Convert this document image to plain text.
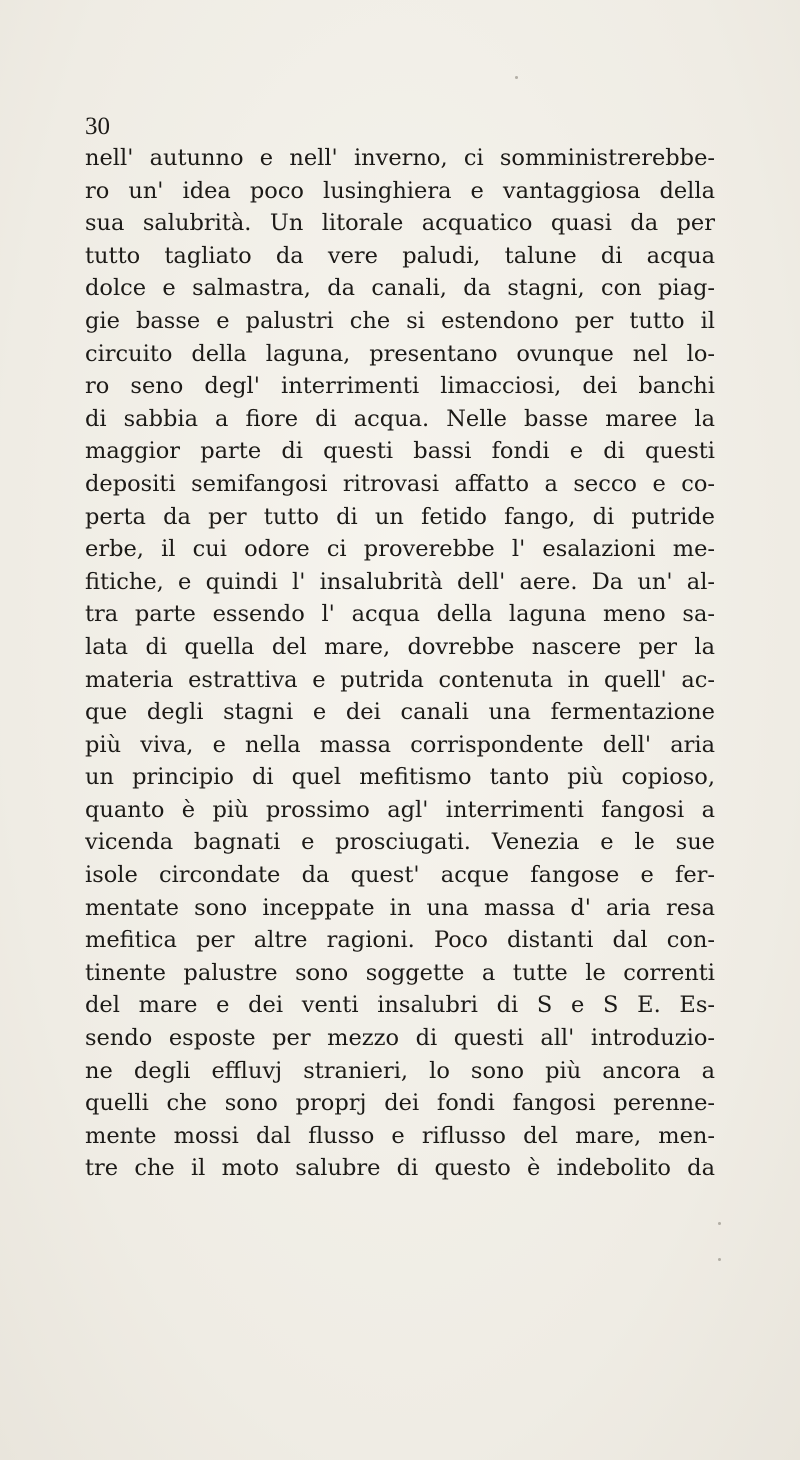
30
nell' autunno e nell' inverno, ci somministrerebbe-
ro un' idea poco lusinghiera e vantaggiosa della
sua salubrità. Un litorale acquatico quasi da per
tutto tagliato da vere paludi, talune di acqua
dolce e salmastra, da canali, da stagni, con piag-
gie basse e palustri che si estendono per tutto il
circuito della laguna, presentano ovunque nel lo-
ro seno degl' interrimenti limacciosi, dei banchi
di sabbia a fiore di acqua. Nelle basse maree la
maggior parte di questi bassi fondi e di questi
depositi semifangosi ritrovasi affatto a secco e co-
perta da per tutto di un fetido fango, di putride
erbe, il cui odore ci proverebbe l' esalazioni me-
fitiche, e quindi l' insalubrità dell' aere. Da un' al-
tra parte essendo l' acqua della laguna meno sa-
lata di quella del mare, dovrebbe nascere per la
materia estrattiva e putrida contenuta in quell' ac-
que degli stagni e dei canali una fermentazione
più viva, e nella massa corrispondente dell' aria
un principio di quel mefitismo tanto più copioso,
quanto è più prossimo agl' interrimenti fangosi a
vicenda bagnati e prosciugati. Venezia e le sue
isole circondate da quest' acque fangose e fer-
mentate sono inceppate in una massa d' aria resa
mefitica per altre ragioni. Poco distanti dal con-
tinente palustre sono soggette a tutte le correnti
del mare e dei venti insalubri di S e S E. Es-
sendo esposte per mezzo di questi all' introduzio-
ne degli effluvj stranieri, lo sono più ancora a
quelli che sono proprj dei fondi fangosi perenne-
mente mossi dal flusso e riflusso del mare, men-
tre che il moto salubre di questo è indebolito da
